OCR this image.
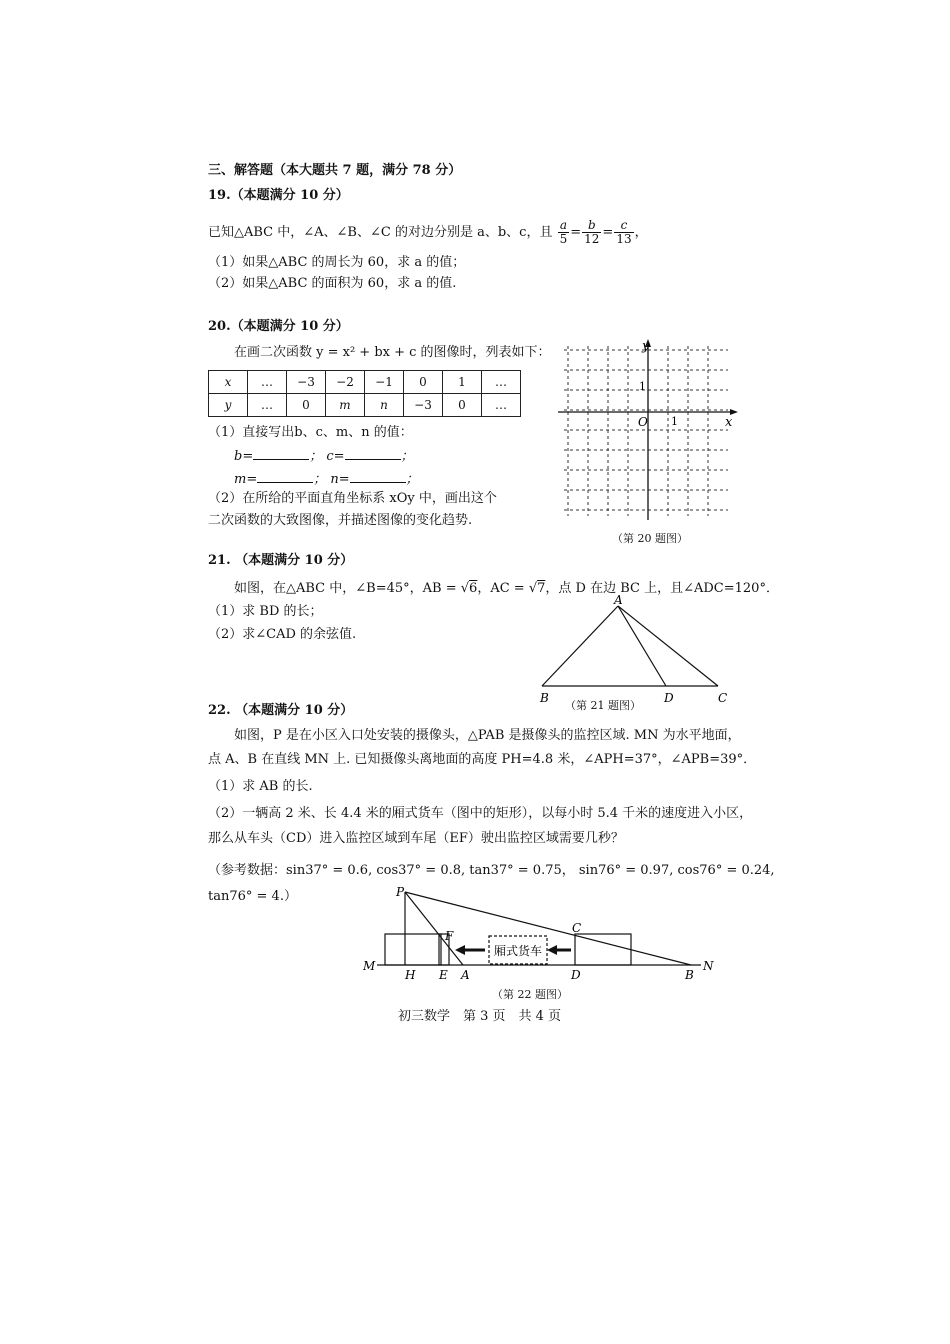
三、解答题（本大题共 7 题，满分 78 分）
19.（本题满分 10 分）
已知△ABC 中，∠A、∠B、∠C 的对边分别是 a、b、c，且 $\frac{a}{5} = \frac{b}{12} = \frac{c}{13}$ ，
（1）如果△ABC 的周长为 60，求 a 的值；
（2）如果△ABC 的面积为 60，求 a 的值.
20.（本题满分 10 分）
在画二次函数 y = x² + bx + c 的图像时，列表如下：
x	…	−3	−2	−1	0	1	…
y	…	0	m	n	−3	0	…
（1）直接写出b、c、m、n 的值：
b=	； c=	；
m=	； n=	；
（2）在所给的平面直角坐标系 xOy 中，画出这个
二次函数的大致图像，并描述图像的变化趋势.
y
x
O 1
1
（第 20 题图）
21. （本题满分 10 分）
如图，在△ABC 中，∠B=45°，AB = √6，AC = √7，点 D 在边 BC 上，且∠ADC=120°．
（1）求 BD 的长；
（2）求∠CAD 的余弦值.
A
B	D	C
（第 21 题图）
22. （本题满分 10 分）
如图，P 是在小区入口处安装的摄像头，△PAB 是摄像头的监控区域. MN 为水平地面，
点 A、B 在直线 MN 上. 已知摄像头离地面的高度 PH=4.8 米，∠APH=37°，∠APB=39°．
（1）求 AB 的长.
（2）一辆高 2 米、长 4.4 米的厢式货车（图中的矩形），以每小时 5.4 千米的速度进入小区，
那么从车头（CD）进入监控区域到车尾（EF）驶出监控区域需要几秒？
（参考数据：sin37° = 0.6, cos37° = 0.8, tan37° = 0.75， sin76° = 0.97, cos76° = 0.24,
tan76° = 4.）
厢式货车
P
F
C
M
H E A	D	B
N
（第 22 题图）
初三数学　第 3 页　共 4 页
